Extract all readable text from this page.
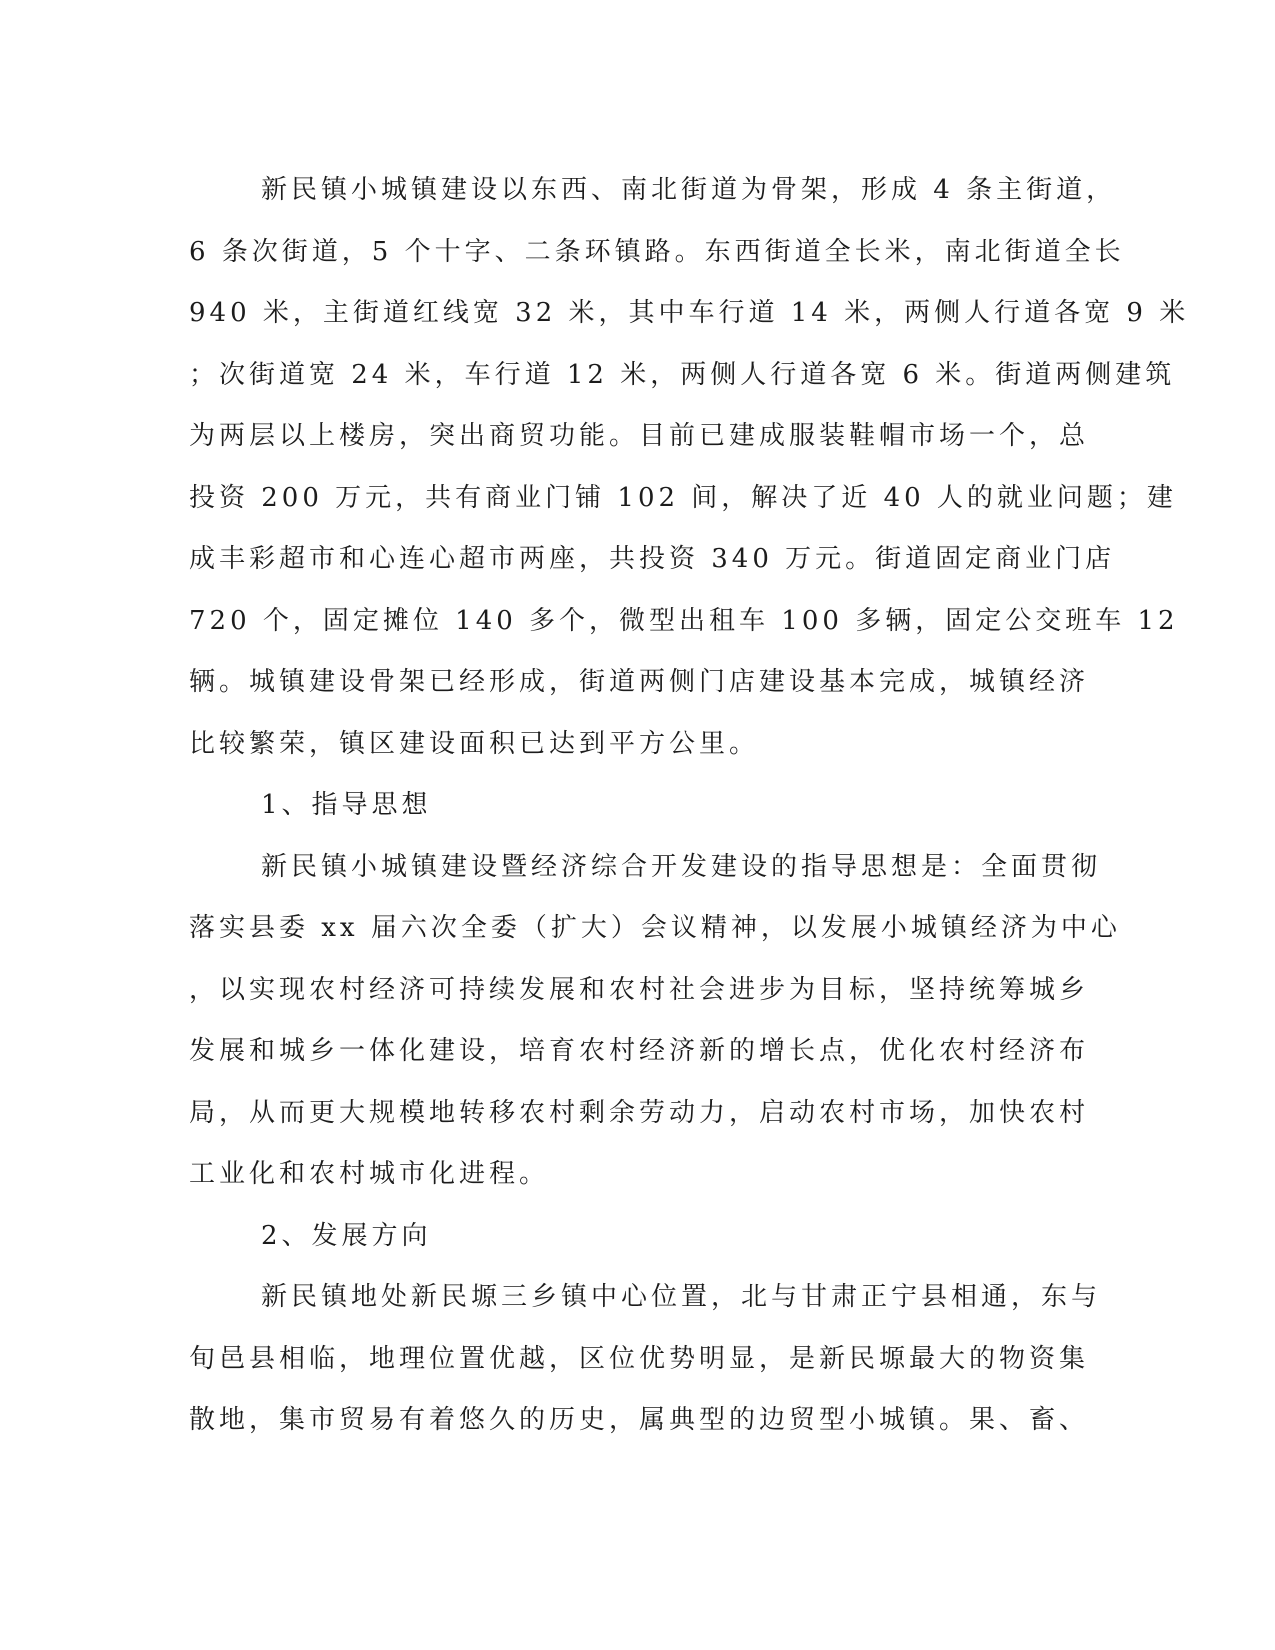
新民镇小城镇建设以东西、南北街道为骨架，形成 4 条主街道，
6 条次街道，5 个十字、二条环镇路。东西街道全长米，南北街道全长
940 米，主街道红线宽 32 米，其中车行道 14 米，两侧人行道各宽 9 米
；次街道宽 24 米，车行道 12 米，两侧人行道各宽 6 米。街道两侧建筑
为两层以上楼房，突出商贸功能。目前已建成服装鞋帽市场一个，总
投资 200 万元，共有商业门铺 102 间，解决了近 40 人的就业问题；建
成丰彩超市和心连心超市两座，共投资 340 万元。街道固定商业门店
720 个，固定摊位 140 多个，微型出租车 100 多辆，固定公交班车 12
辆。城镇建设骨架已经形成，街道两侧门店建设基本完成，城镇经济
比较繁荣，镇区建设面积已达到平方公里。
1、指导思想
新民镇小城镇建设暨经济综合开发建设的指导思想是：全面贯彻
落实县委 xx 届六次全委（扩大）会议精神，以发展小城镇经济为中心
，以实现农村经济可持续发展和农村社会进步为目标，坚持统筹城乡
发展和城乡一体化建设，培育农村经济新的增长点，优化农村经济布
局，从而更大规模地转移农村剩余劳动力，启动农村市场，加快农村
工业化和农村城市化进程。
2、发展方向
新民镇地处新民塬三乡镇中心位置，北与甘肃正宁县相通，东与
旬邑县相临，地理位置优越，区位优势明显，是新民塬最大的物资集
散地，集市贸易有着悠久的历史，属典型的边贸型小城镇。果、畜、
